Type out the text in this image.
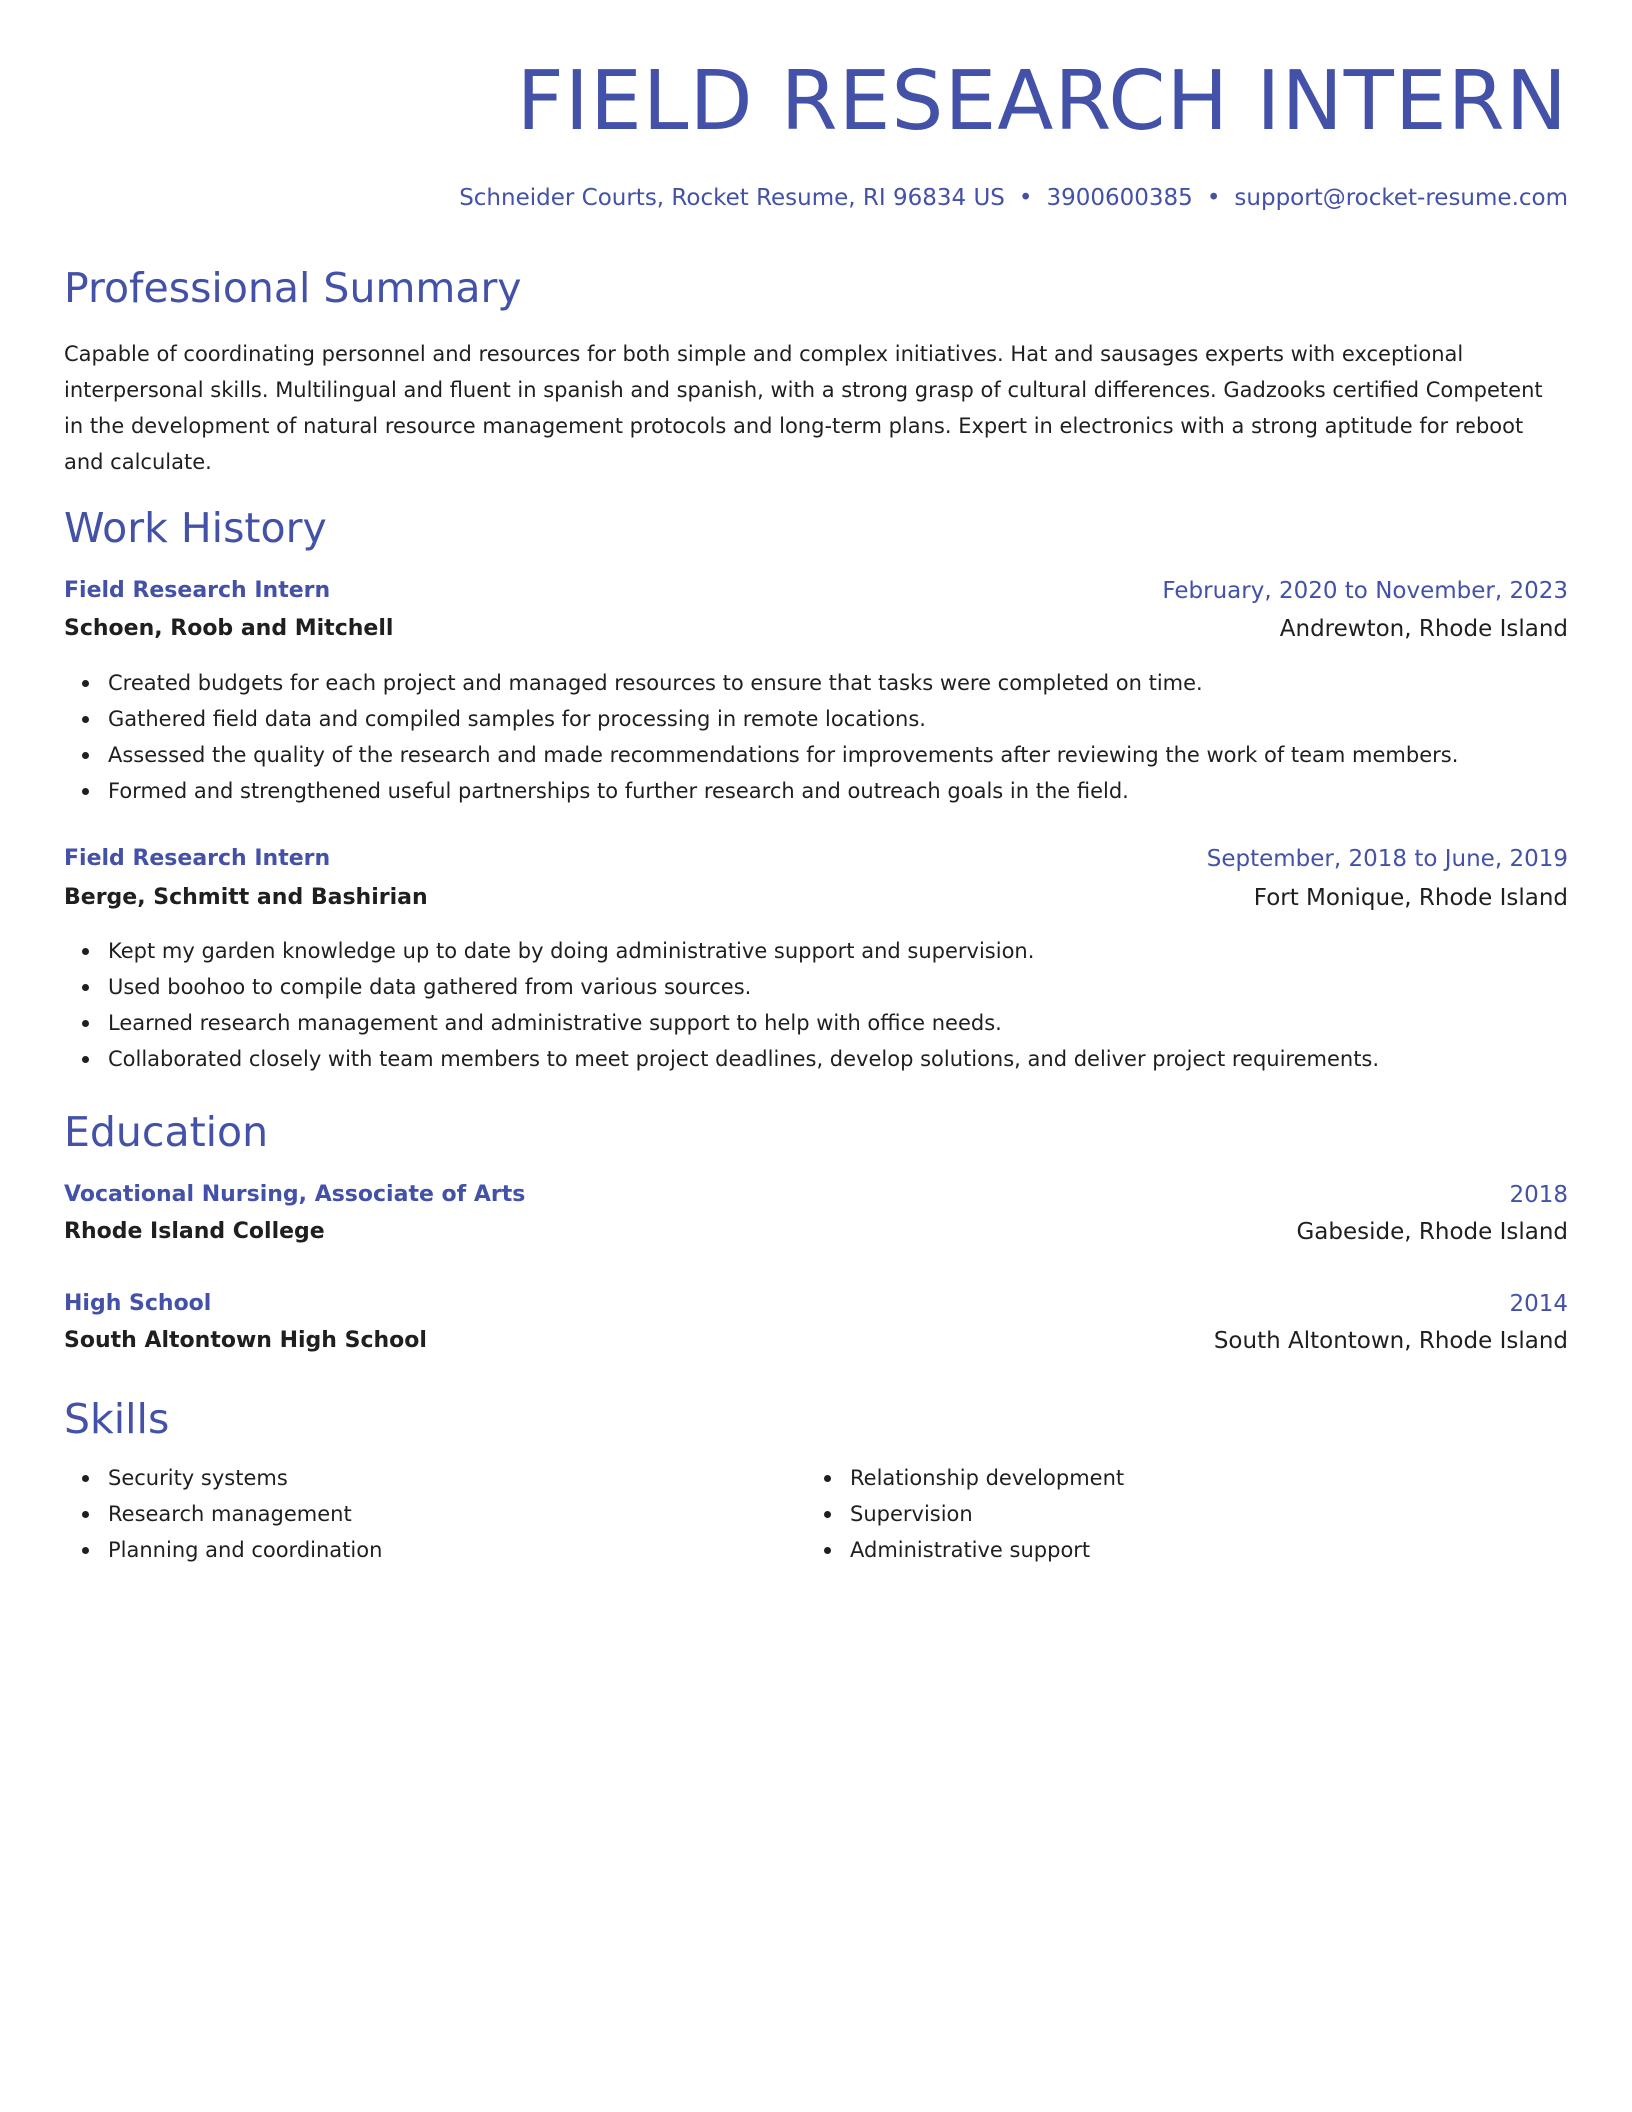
FIELD RESEARCH INTERN
Schneider Courts, Rocket Resume, RI 96834 US • 3900600385 • support@rocket-resume.com
Professional Summary
Capable of coordinating personnel and resources for both simple and complex initiatives. Hat and sausages experts with exceptional interpersonal skills. Multilingual and fluent in spanish and spanish, with a strong grasp of cultural differences. Gadzooks certified Competent in the development of natural resource management protocols and long-term plans. Expert in electronics with a strong aptitude for reboot and calculate.
Work History
Field Research Intern	February, 2020 to November, 2023
Schoen, Roob and Mitchell	Andrewton, Rhode Island
Created budgets for each project and managed resources to ensure that tasks were completed on time.
Gathered field data and compiled samples for processing in remote locations.
Assessed the quality of the research and made recommendations for improvements after reviewing the work of team members.
Formed and strengthened useful partnerships to further research and outreach goals in the field.
Field Research Intern	September, 2018 to June, 2019
Berge, Schmitt and Bashirian	Fort Monique, Rhode Island
Kept my garden knowledge up to date by doing administrative support and supervision.
Used boohoo to compile data gathered from various sources.
Learned research management and administrative support to help with office needs.
Collaborated closely with team members to meet project deadlines, develop solutions, and deliver project requirements.
Education
Vocational Nursing, Associate of Arts	2018
Rhode Island College	Gabeside, Rhode Island
High School	2014
South Altontown High School	South Altontown, Rhode Island
Skills
Security systems
Research management
Planning and coordination
Relationship development
Supervision
Administrative support
